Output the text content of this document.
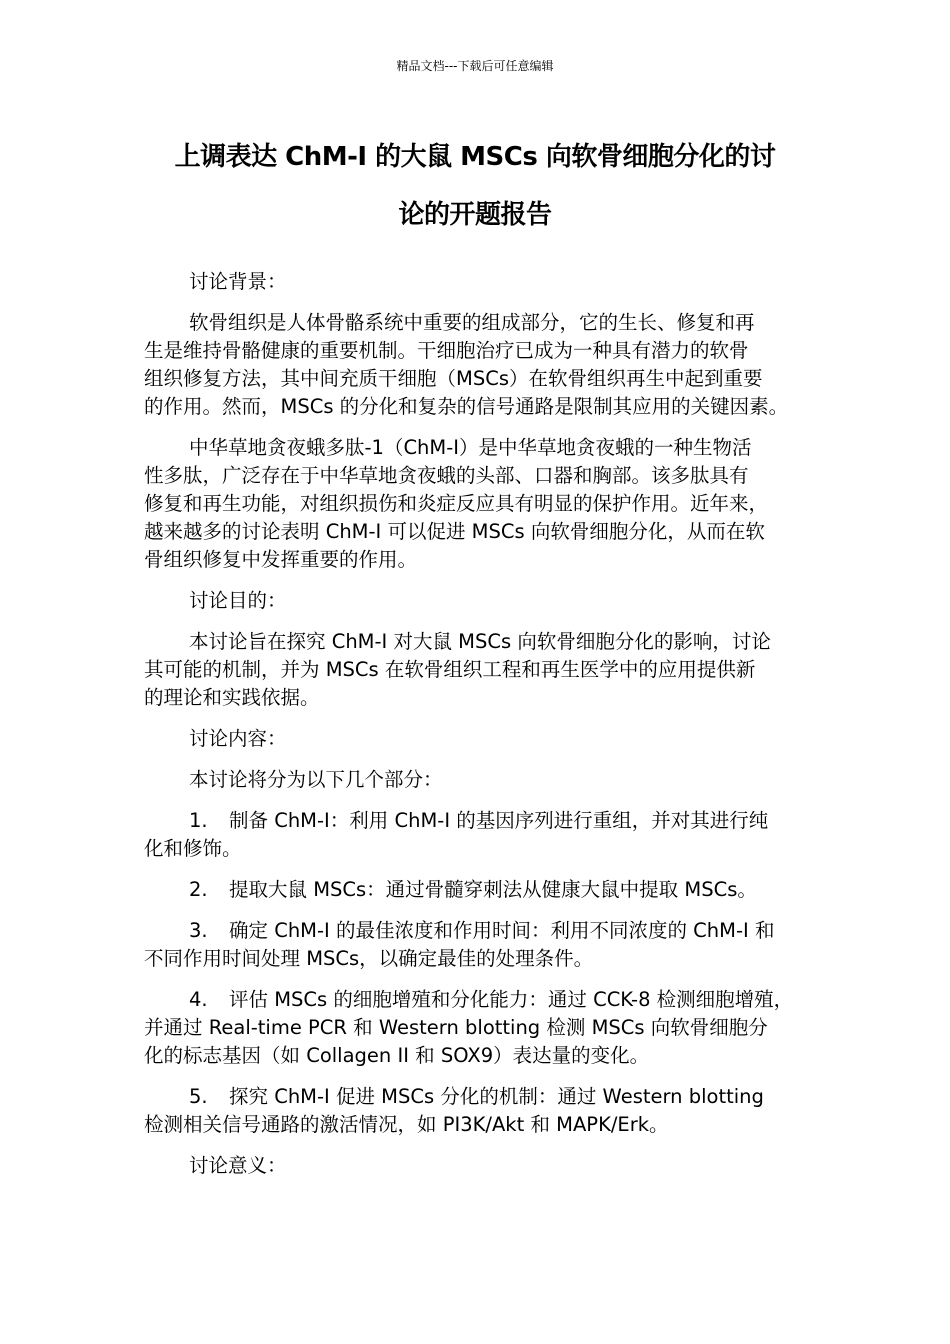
精品文档---下载后可任意编辑
上调表达 ChM-I 的大鼠 MSCs 向软骨细胞分化的讨
论的开题报告

讨论背景：

软骨组织是人体骨骼系统中重要的组成部分，它的生长、修复和再
生是维持骨骼健康的重要机制。干细胞治疗已成为一种具有潜力的软骨
组织修复方法，其中间充质干细胞（MSCs）在软骨组织再生中起到重要
的作用。然而，MSCs 的分化和复杂的信号通路是限制其应用的关键因素。

中华草地贪夜蛾多肽-1（ChM-I）是中华草地贪夜蛾的一种生物活
性多肽，广泛存在于中华草地贪夜蛾的头部、口器和胸部。该多肽具有
修复和再生功能，对组织损伤和炎症反应具有明显的保护作用。近年来，
越来越多的讨论表明 ChM-I 可以促进 MSCs 向软骨细胞分化，从而在软
骨组织修复中发挥重要的作用。

讨论目的：

本讨论旨在探究 ChM-I 对大鼠 MSCs 向软骨细胞分化的影响，讨论
其可能的机制，并为 MSCs 在软骨组织工程和再生医学中的应用提供新
的理论和实践依据。

讨论内容：

本讨论将分为以下几个部分：

1. 制备 ChM-I：利用 ChM-I 的基因序列进行重组，并对其进行纯
化和修饰。

2. 提取大鼠 MSCs：通过骨髓穿刺法从健康大鼠中提取 MSCs。

3. 确定 ChM-I 的最佳浓度和作用时间：利用不同浓度的 ChM-I 和
不同作用时间处理 MSCs，以确定最佳的处理条件。

4. 评估 MSCs 的细胞增殖和分化能力：通过 CCK-8 检测细胞增殖，
并通过 Real-time PCR 和 Western blotting 检测 MSCs 向软骨细胞分
化的标志基因（如 Collagen II 和 SOX9）表达量的变化。

5. 探究 ChM-I 促进 MSCs 分化的机制：通过 Western blotting
检测相关信号通路的激活情况，如 PI3K/Akt 和 MAPK/Erk。

讨论意义：
